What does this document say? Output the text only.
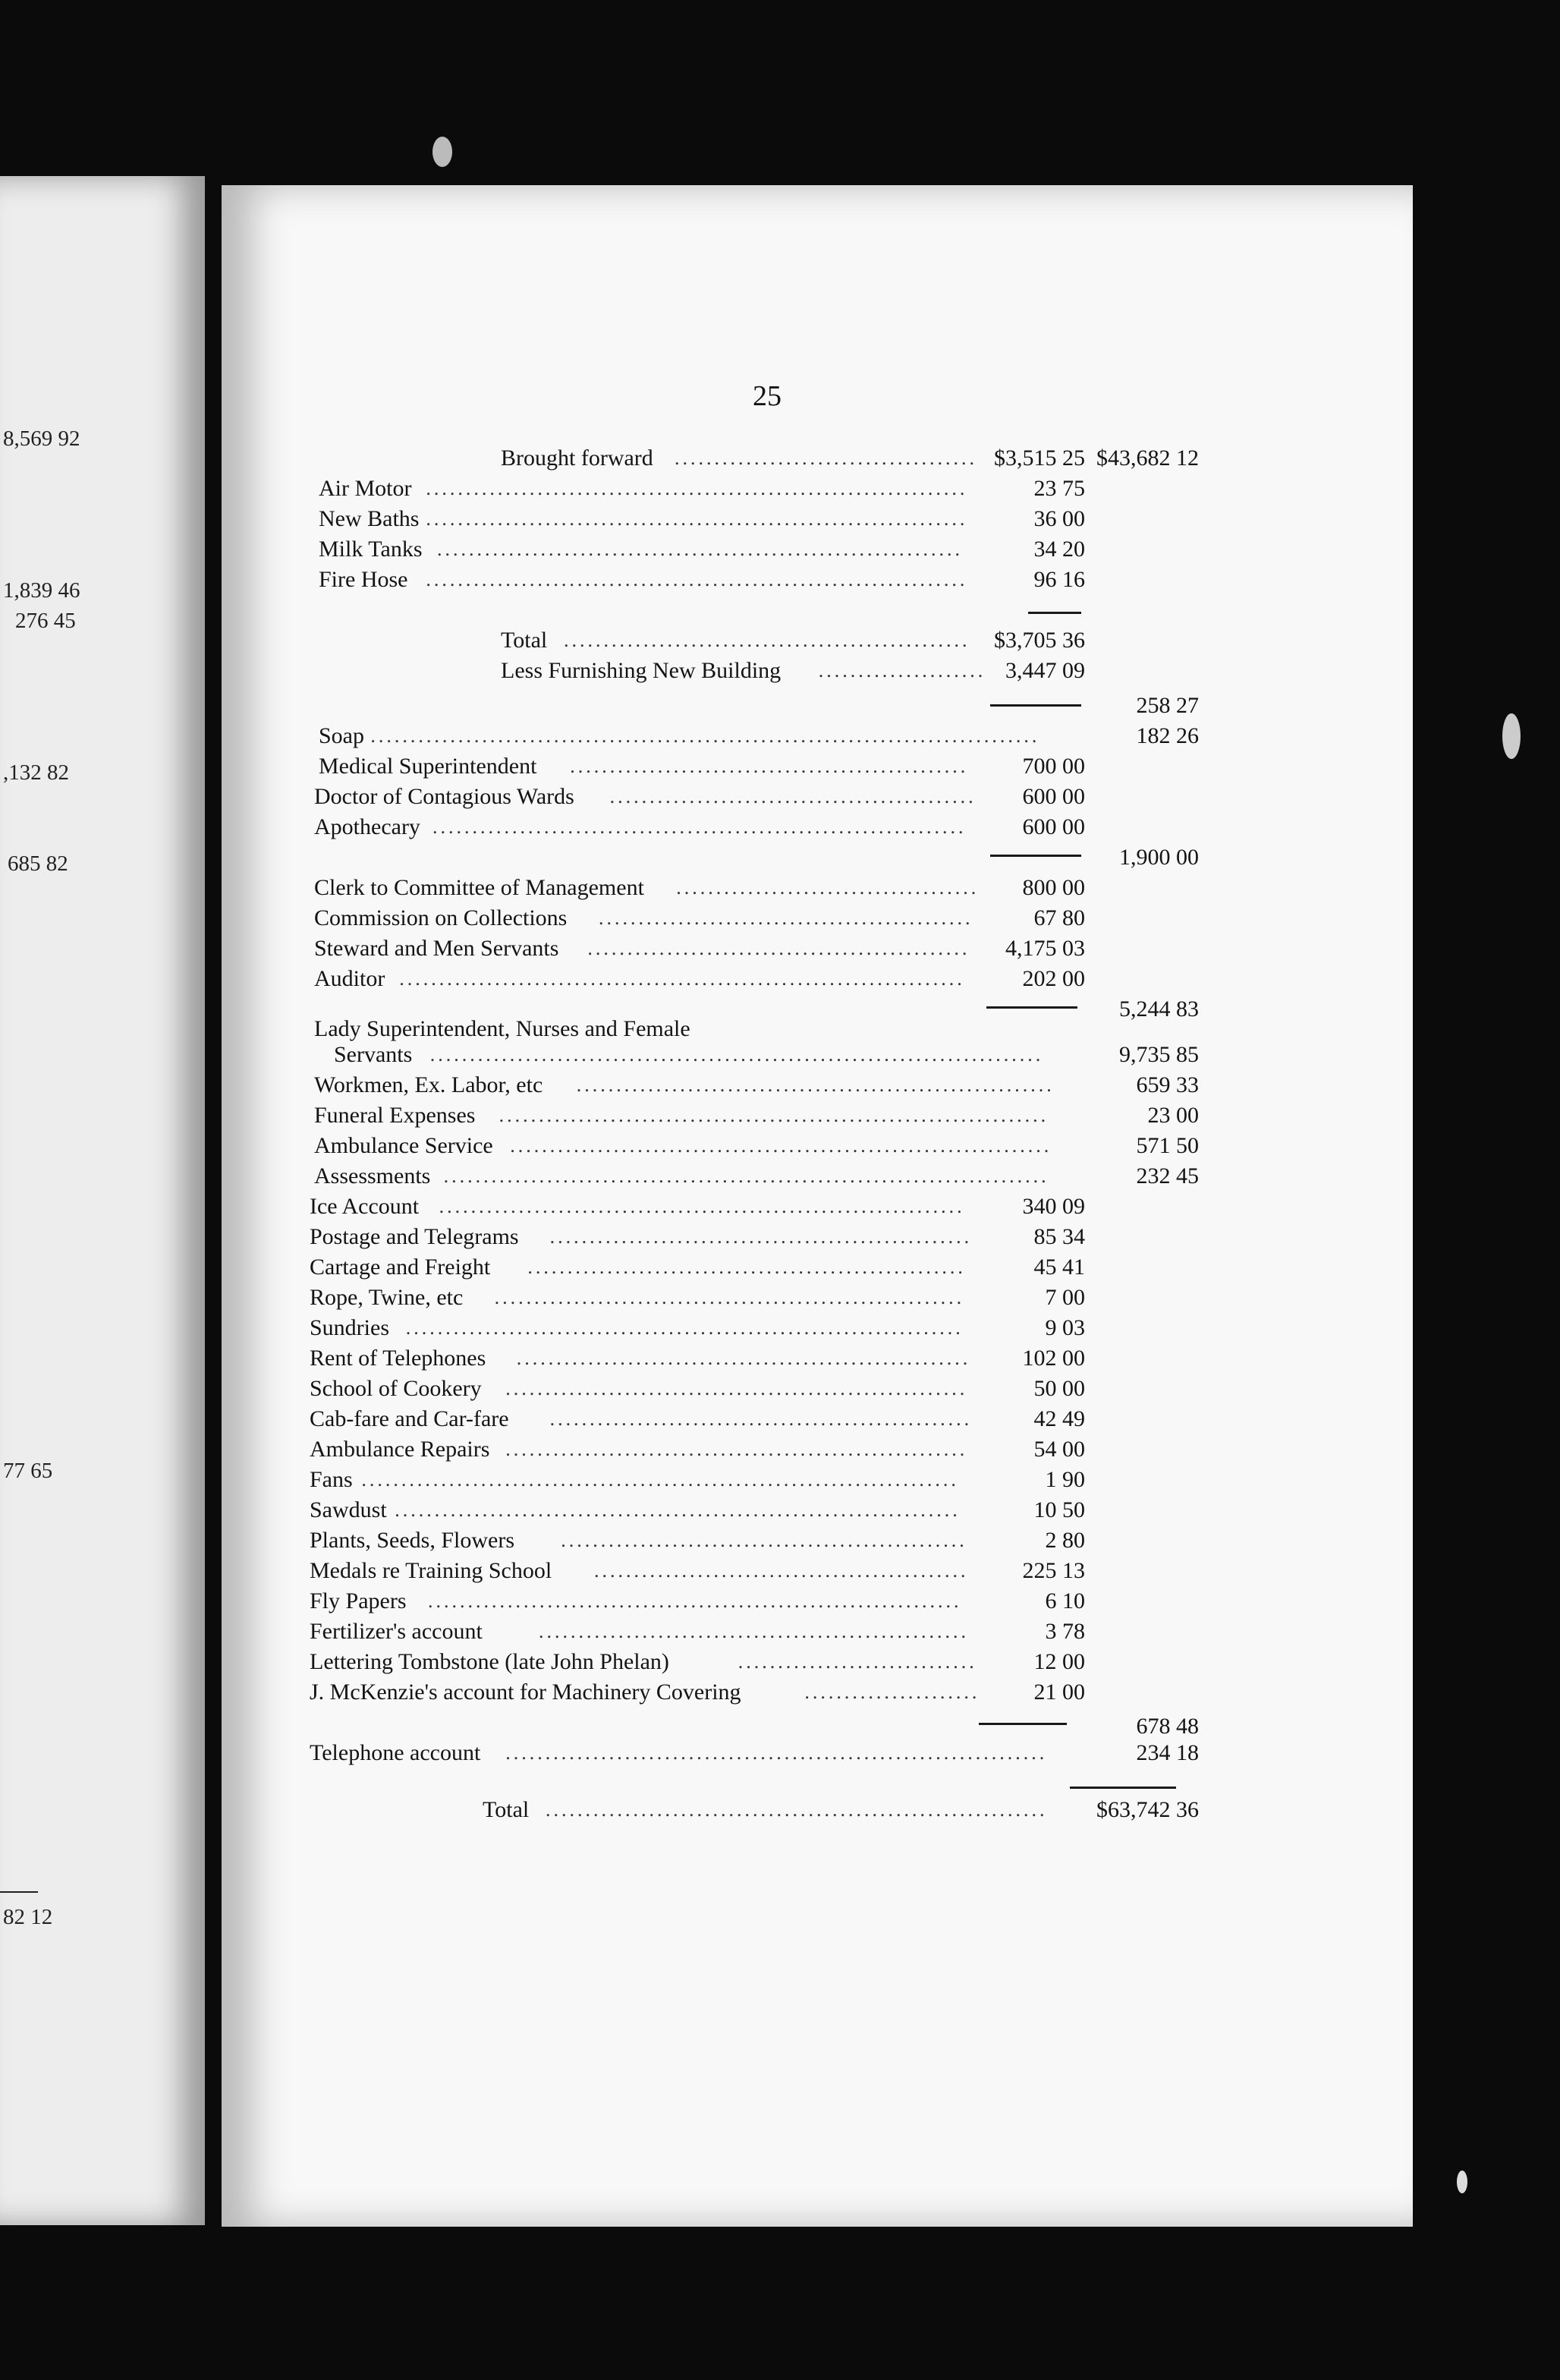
8,569 92
1,839 46
276 45
,132 82
685 82
77 65
82 12
25
Brought forward ...................................... $3,515 25 $43,682 12
Air Motor ....................................................................	23 75
New Baths ....................................................................	36 00
Milk Tanks ..................................................................	34 20
Fire Hose ....................................................................	96 16
Total ...................................................	$3,705 36
Less Furnishing New Building ..................... 3,447 09
258 27
Soap ....................................................................................	182 26
Medical Superintendent ..................................................	700 00
Doctor of Contagious Wards ..............................................	600 00
Apothecary ...................................................................	600 00
1,900 00
Clerk to Committee of Management ......................................	800 00
Commission on Collections ...............................................	67 80
Steward and Men Servants ................................................	4,175 03
Auditor .......................................................................	202 00
5,244 83
Lady Superintendent, Nurses and Female
Servants .............................................................................	9,735 85
Workmen, Ex. Labor, etc ............................................................	659 33
Funeral Expenses .....................................................................	23 00
Ambulance Service ....................................................................	571 50
Assessments ............................................................................	232 45
Ice Account ..................................................................	340 09
Postage and Telegrams .....................................................	85 34
Cartage and Freight .......................................................	45 41
Rope, Twine, etc ...........................................................	7 00
Sundries ......................................................................	9 03
Rent of Telephones .........................................................	102 00
School of Cookery ..........................................................	50 00
Cab-fare and Car-fare .....................................................	42 49
Ambulance Repairs ..........................................................	54 00
Fans ...........................................................................	1 90
Sawdust .......................................................................	10 50
Plants, Seeds, Flowers ...................................................	2 80
Medals re Training School ...............................................	225 13
Fly Papers ...................................................................	6 10
Fertilizer's account	......................................................	3 78
Lettering Tombstone (late John Phelan)	..............................	12 00
J. McKenzie's account for Machinery Covering	......................	21 00
678 48
Telephone account ....................................................................	234 18
Total ...............................................................	$63,742 36
